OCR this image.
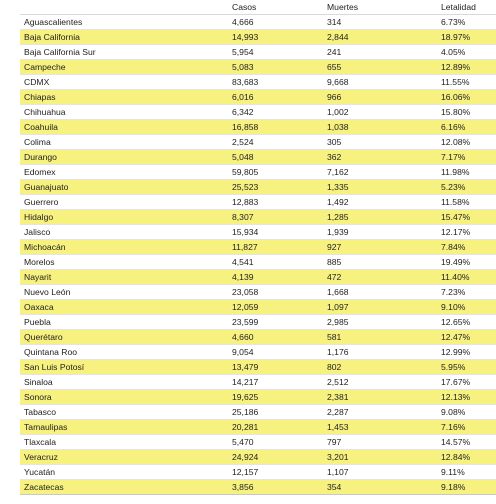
	Casos	Muertes	Letalidad
Aguascalientes	4,666	314	6.73%
Baja California	14,993	2,844	18.97%
Baja California Sur	5,954	241	4.05%
Campeche	5,083	655	12.89%
CDMX	83,683	9,668	11.55%
Chiapas	6,016	966	16.06%
Chihuahua	6,342	1,002	15.80%
Coahuila	16,858	1,038	6.16%
Colima	2,524	305	12.08%
Durango	5,048	362	7.17%
Edomex	59,805	7,162	11.98%
Guanajuato	25,523	1,335	5.23%
Guerrero	12,883	1,492	11.58%
Hidalgo	8,307	1,285	15.47%
Jalisco	15,934	1,939	12.17%
Michoacán	11,827	927	7.84%
Morelos	4,541	885	19.49%
Nayarit	4,139	472	11.40%
Nuevo León	23,058	1,668	7.23%
Oaxaca	12,059	1,097	9.10%
Puebla	23,599	2,985	12.65%
Querétaro	4,660	581	12.47%
Quintana Roo	9,054	1,176	12.99%
San Luis Potosí	13,479	802	5.95%
Sinaloa	14,217	2,512	17.67%
Sonora	19,625	2,381	12.13%
Tabasco	25,186	2,287	9.08%
Tamaulipas	20,281	1,453	7.16%
Tlaxcala	5,470	797	14.57%
Veracruz	24,924	3,201	12.84%
Yucatán	12,157	1,107	9.11%
Zacatecas	3,856	354	9.18%
